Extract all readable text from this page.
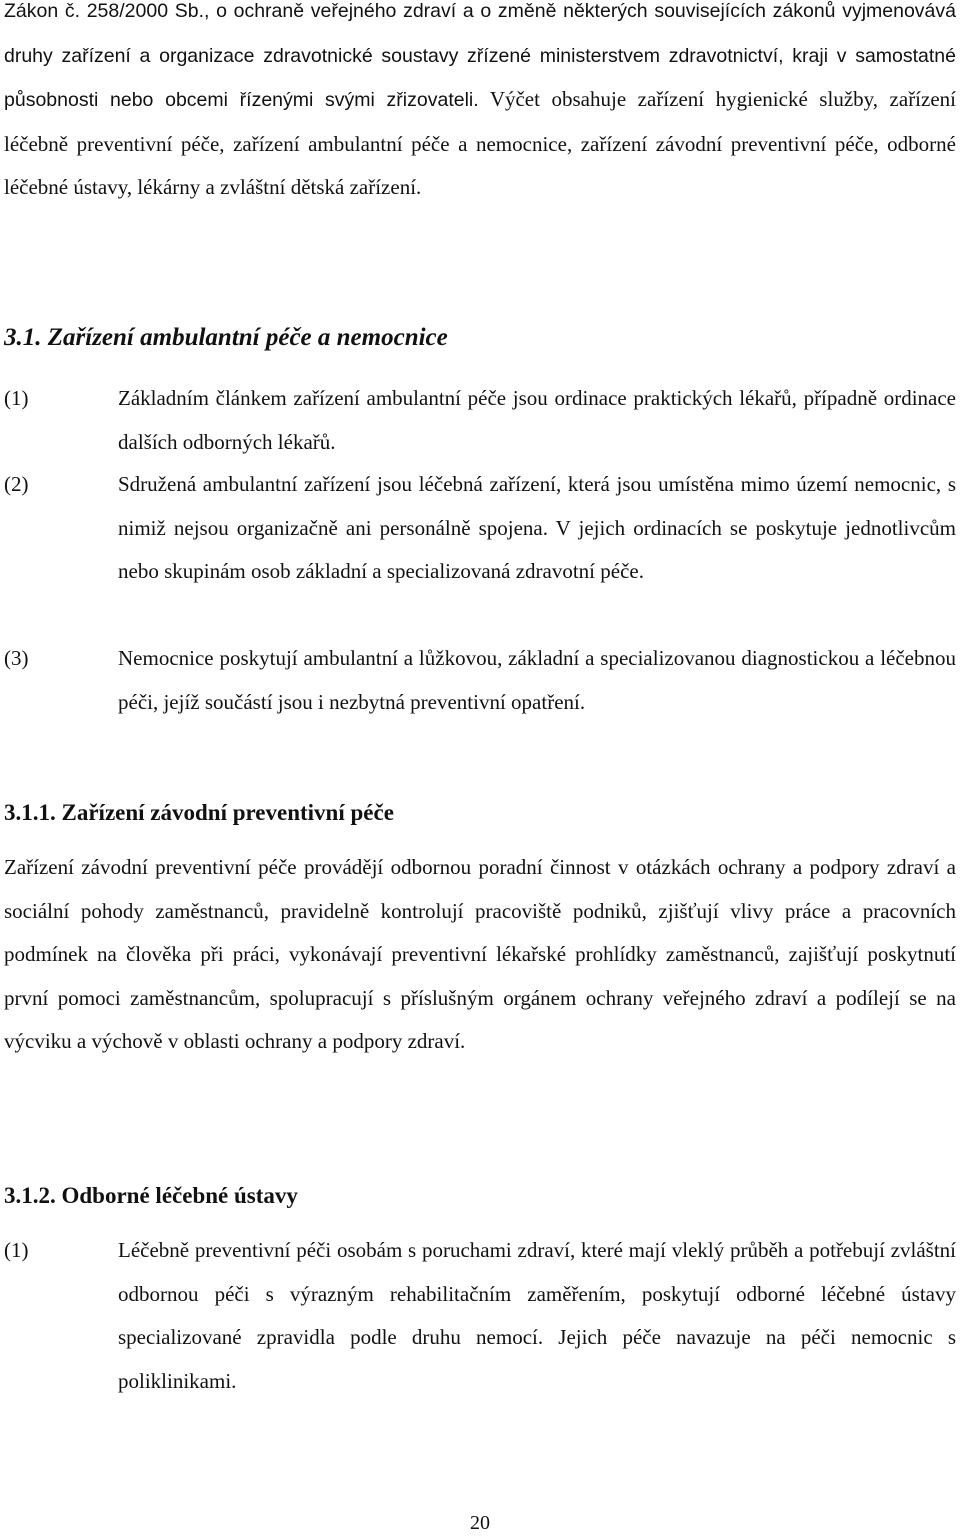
Zákon č. 258/2000 Sb., o ochraně veřejného zdraví a o změně některých souvisejících zákonů vyjmenovává druhy zařízení a organizace zdravotnické soustavy zřízené ministerstvem zdravotnictví, kraji v samostatné působnosti nebo obcemi řízenými svými zřizovateli. Výčet obsahuje zařízení hygienické služby, zařízení léčebně preventivní péče, zařízení ambulantní péče a nemocnice, zařízení závodní preventivní péče, odborné léčebné ústavy, lékárny a zvláštní dětská zařízení.

3.1. Zařízení ambulantní péče a nemocnice
(1)	Základním článkem zařízení ambulantní péče jsou ordinace praktických lékařů, případně ordinace dalších odborných lékařů.
(2)	Sdružená ambulantní zařízení jsou léčebná zařízení, která jsou umístěna mimo území nemocnic, s nimiž nejsou organizačně ani personálně spojena. V jejich ordinacích se poskytuje jednotlivcům nebo skupinám osob základní a specializovaná zdravotní péče.
(3)	Nemocnice poskytují ambulantní a lůžkovou, základní a specializovanou diagnostickou a léčebnou péči, jejíž součástí jsou i nezbytná preventivní opatření.
3.1.1. Zařízení závodní preventivní péče

Zařízení závodní preventivní péče provádějí odbornou poradní činnost v otázkách ochrany a podpory zdraví a sociální pohody zaměstnanců, pravidelně kontrolují pracoviště podniků, zjišťují vlivy práce a pracovních podmínek na člověka při práci, vykonávají preventivní lékařské prohlídky zaměstnanců, zajišťují poskytnutí první pomoci zaměstnancům, spolupracují s příslušným orgánem ochrany veřejného zdraví a podílejí se na výcviku a výchově v oblasti ochrany a podpory zdraví.

3.1.2. Odborné léčebné ústavy
(1)	Léčebně preventivní péči osobám s poruchami zdraví, které mají vleklý průběh a potřebují zvláštní odbornou péči s výrazným rehabilitačním zaměřením, poskytují odborné léčebné ústavy specializované zpravidla podle druhu nemocí. Jejich péče navazuje na péči nemocnic s poliklinikami.
20
